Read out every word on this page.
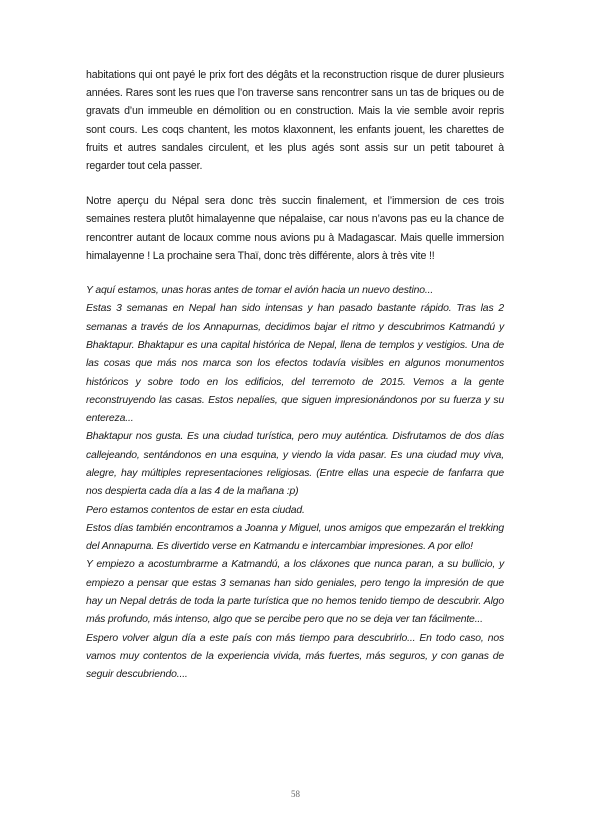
habitations qui ont payé le prix fort des dégâts et la reconstruction risque de durer plusieurs années. Rares sont les rues que l’on traverse sans rencontrer sans un tas de briques ou de gravats d’un immeuble en démolition ou en construction. Mais la vie semble avoir repris sont cours. Les coqs chantent, les motos klaxonnent, les enfants jouent, les charettes de fruits et autres sandales circulent, et les plus agés sont assis sur un petit tabouret à regarder tout cela passer.

Notre aperçu du Népal sera donc très succin finalement, et l’immersion de ces trois semaines restera plutôt himalayenne que népalaise, car nous n’avons pas eu la chance de rencontrer autant de locaux comme nous avions pu à Madagascar. Mais quelle immersion himalayenne ! La prochaine sera Thaï, donc très différente, alors à très vite !!

Y aquí estamos, unas horas antes de tomar el avión hacia un nuevo destino...

Estas 3 semanas en Nepal han sido intensas y han pasado bastante rápido. Tras las 2 semanas a través de los Annapurnas, decidimos bajar el ritmo y descubrimos Katmandú y Bhaktapur. Bhaktapur es una capital histórica de Nepal, llena de templos y vestigios. Una de las cosas que más nos marca son los efectos todavía visibles en algunos monumentos históricos y sobre todo en los edificios, del terremoto de 2015. Vemos a la gente reconstruyendo las casas. Estos nepalíes, que siguen impresionándonos por su fuerza y su entereza...

Bhaktapur nos gusta. Es una ciudad turística, pero muy auténtica. Disfrutamos de dos días callejeando, sentándonos en una esquina, y viendo la vida pasar. Es una ciudad muy viva, alegre, hay múltiples representaciones religiosas. (Entre ellas una especie de fanfarra que nos despierta cada día a las 4 de la mañana :p)

Pero estamos contentos de estar en esta ciudad.

Estos días también encontramos a Joanna y Miguel, unos amigos que empezarán el trekking del Annapurna. Es divertido verse en Katmandu e intercambiar impresiones. A por ello!

Y empiezo a acostumbrarme a Katmandú, a los cláxones que nunca paran, a su bullicio, y empiezo a pensar que estas 3 semanas han sido geniales, pero tengo la impresión de que hay un Nepal detrás de toda la parte turística que no hemos tenido tiempo de descubrir. Algo más profundo, más intenso, algo que se percibe pero que no se deja ver tan fácilmente...

Espero volver algun día a este país con más tiempo para descubrirlo... En todo caso, nos vamos muy contentos de la experiencia vivida, más fuertes, más seguros, y con ganas de seguir descubriendo....

58
